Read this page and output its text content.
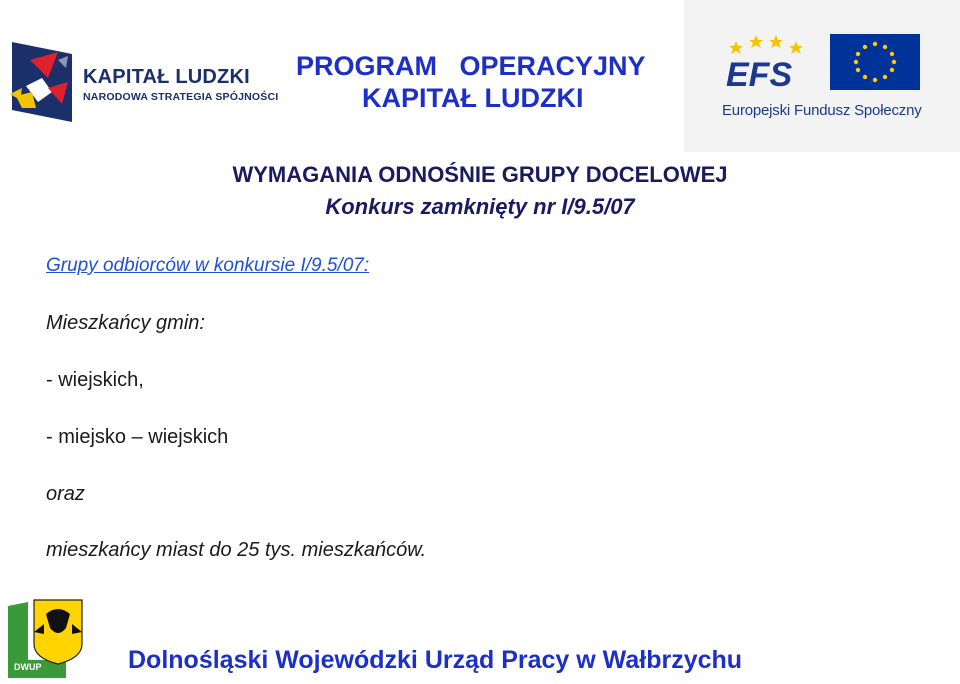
KAPITAŁ LUDZKI
NARODOWA STRATEGIA SPÓJNOŚCI
PROGRAM   OPERACYJNY
KAPITAŁ LUDZKI
EFS
Europejski Fundusz Społeczny
WYMAGANIA ODNOŚNIE GRUPY DOCELOWEJ
Konkurs zamknięty nr I/9.5/07
Grupy odbiorców w konkursie I/9.5/07:
Mieszkańcy gmin:
- wiejskich,
- miejsko – wiejskich
oraz
mieszkańcy miast do 25 tys. mieszkańców.
DWUP	Dolnośląski Wojewódzki Urząd Pracy w Wałbrzychu
